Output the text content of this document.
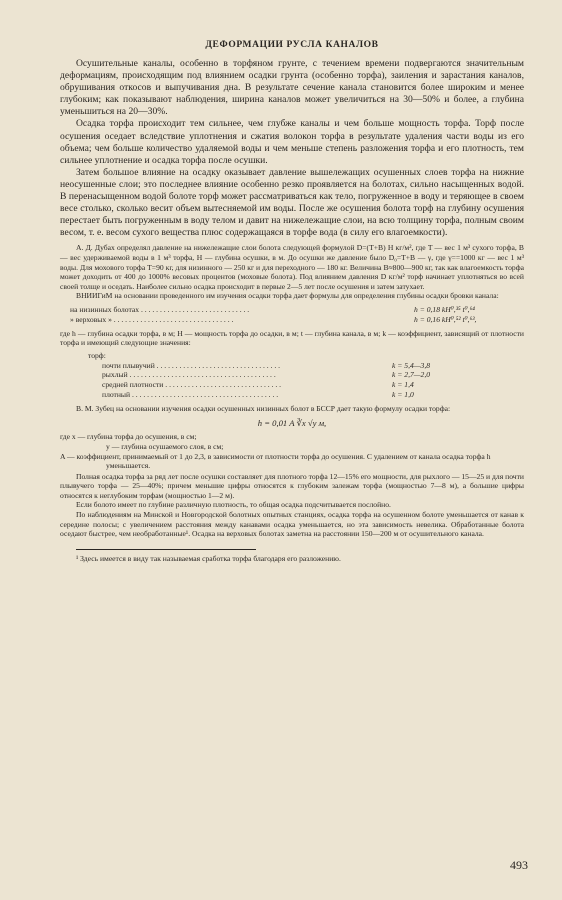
ДЕФОРМАЦИИ РУСЛА КАНАЛОВ

Осушительные каналы, особенно в торфяном грунте, с течением времени подвергаются значительным деформациям, происходящим под влиянием осадки грунта (особенно торфа), заиления и зарастания каналов, обрушивания откосов и выпучивания дна. В результате сечение канала становится более широким и менее глубоким; как показывают наблюдения, ширина каналов может увеличиться на 30—50% и более, а глубина уменьшиться на 20—30%.

Осадка торфа происходит тем сильнее, чем глубже каналы и чем больше мощность торфа. Торф после осушения оседает вследствие уплотнения и сжатия волокон торфа в результате удаления части воды из его объема; чем больше количество удаляемой воды и чем меньше степень разложения торфа и его плотность, тем сильнее уплотнение и осадка торфа после осушки.

Затем большое влияние на осадку оказывает давление вышележащих осушенных слоев торфа на нижние неосушенные слои; это последнее влияние особенно резко проявляется на болотах, сильно насыщенных водой. В перенасыщенном водой болоте торф может рассматриваться как тело, погруженное в воду и теряющее в своем весе столько, сколько весит объем вытесняемой им воды. После же осушения болота торф на глубину осушения перестает быть погруженным в воду телом и давит на нижележащие слои, на всю толщину торфа, полным своим весом, т. е. весом сухого вещества плюс содержащаяся в торфе вода (в силу его влагоемкости).

А. Д. Дубах определял давление на нижележащие слои болота следующей формулой D=(T+B) H кг/м², где T — вес 1 м³ сухого торфа, B — вес удерживаемой воды в 1 м³ торфа, H — глубина осушки, в м. До осушки же давление было D₀=T+B — γ, где γ==1000 кг — вес 1 м³ воды. Для мохового торфа T=90 кг, для низинного — 250 кг и для переходного — 180 кг. Величина B≈800—900 кг, так как влагоемкость торфа может доходить от 400 до 1000% весовых процентов (моховые болота). Под влиянием давления D кг/м² торф начинает уплотняться во всей своей толще и оседать. Наиболее сильно осадка происходит в первые 2—5 лет после осушения и затем затухает.

ВНИИГиМ на основании проведенного им изучения осадки торфа дает формулы для определения глубины осадки бровки канала:

на низинных болотах . . . . . . . . . . . . . . . . . . . . . . . . . . . . .	h = 0,18 kH⁰,³⁵ t⁰,⁶⁴
» верховых » . . . . . . . . . . . . . . . . . . . . . . . . . . . . . . . .	h = 0,16 kH⁰,⁵² t⁰,⁶³,

где h — глубина осадки торфа, в м; H — мощность торфа до осадки, в м; t — глубина канала, в м; k — коэффициент, зависящий от плотности торфа и имеющий следующие значения:

торф:
почти плывучий . . . . . . . . . . . . . . . . . . . . . . . . . . . . . . . . .	k = 5,4—3,8
рыхлый . . . . . . . . . . . . . . . . . . . . . . . . . . . . . . . . . . . . . . .	k = 2,7—2,0
средней плотности . . . . . . . . . . . . . . . . . . . . . . . . . . . . . . .	k = 1,4
плотный . . . . . . . . . . . . . . . . . . . . . . . . . . . . . . . . . . . . . . .	k = 1,0

В. М. Зубец на основании изучения осадки осушенных низинных болот в БССР дает такую формулу осадки торфа:

h = 0,01 A ∛x √y м,
где x — глубина торфа до осушения, в см;
y — глубина осушаемого слоя, в см;
A — коэффициент, принимаемый от 1 до 2,3, в зависимости от плотности торфа до осушения. С удалением от канала осадка торфа h уменьшается.

Полная осадка торфа за ряд лет после осушки составляет для плотного торфа 12—15% его мощности, для рыхлого — 15—25 и для почти плывучего торфа — 25—40%; причем меньшие цифры относятся к глубоким залежам торфа (мощностью 7—8 м), а большие цифры относятся к неглубоким торфам (мощностью 1—2 м).

Если болото имеет по глубине различную плотность, то общая осадка подсчитывается послойно.

По наблюдениям на Минской и Новгородской болотных опытных станциях, осадка торфа на осушенном болоте уменьшается от канав к середине полосы; с увеличением расстояния между канавами осадка уменьшается, но эта зависимость невелика. Обработанные болота оседают быстрее, чем необработанные¹. Осадка на верховых болотах заметна на расстоянии 150—200 м от осушительного канала.

¹ Здесь имеется в виду так называемая сработка торфа благодаря его разложению.

493
